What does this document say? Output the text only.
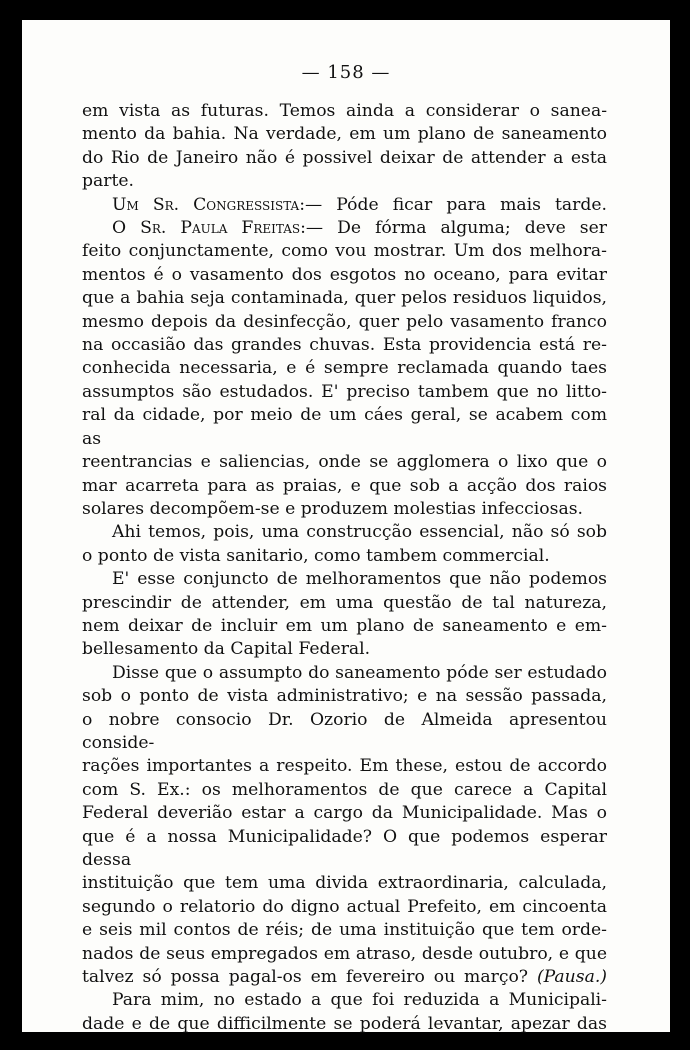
— 158 —

em vista as futuras. Temos ainda a considerar o sanea-

mento da bahia. Na verdade, em um plano de saneamento

do Rio de Janeiro não é possivel deixar de attender a esta

parte.

Um Sr. Congressista:— Póde ficar para mais tarde.

O Sr. Paula Freitas:— De fórma alguma; deve ser

feito conjunctamente, como vou mostrar. Um dos melhora-

mentos é o vasamento dos esgotos no oceano, para evitar

que a bahia seja contaminada, quer pelos residuos liquidos,

mesmo depois da desinfecção, quer pelo vasamento franco

na occasião das grandes chuvas. Esta providencia está re-

conhecida necessaria, e é sempre reclamada quando taes

assumptos são estudados. E' preciso tambem que no litto-

ral da cidade, por meio de um cáes geral, se acabem com as

reentrancias e saliencias, onde se agglomera o lixo que o

mar acarreta para as praias, e que sob a acção dos raios

solares decompõem-se e produzem molestias infecciosas.

Ahi temos, pois, uma construcção essencial, não só sob

o ponto de vista sanitario, como tambem commercial.

E' esse conjuncto de melhoramentos que não podemos

prescindir de attender, em uma questão de tal natureza,

nem deixar de incluir em um plano de saneamento e em-

bellesamento da Capital Federal.

Disse que o assumpto do saneamento póde ser estudado

sob o ponto de vista administrativo; e na sessão passada,

o nobre consocio Dr. Ozorio de Almeida apresentou conside-

rações importantes a respeito. Em these, estou de accordo

com S. Ex.: os melhoramentos de que carece a Capital

Federal deverião estar a cargo da Municipalidade. Mas o

que é a nossa Municipalidade? O que podemos esperar dessa

instituição que tem uma divida extraordinaria, calculada,

segundo o relatorio do digno actual Prefeito, em cincoenta

e seis mil contos de réis; de uma instituição que tem orde-

nados de seus empregados em atraso, desde outubro, e que

talvez só possa pagal-os em fevereiro ou março? (Pausa.)

Para mim, no estado a que foi reduzida a Municipali-

dade e de que difficilmente se poderá levantar, apezar das
